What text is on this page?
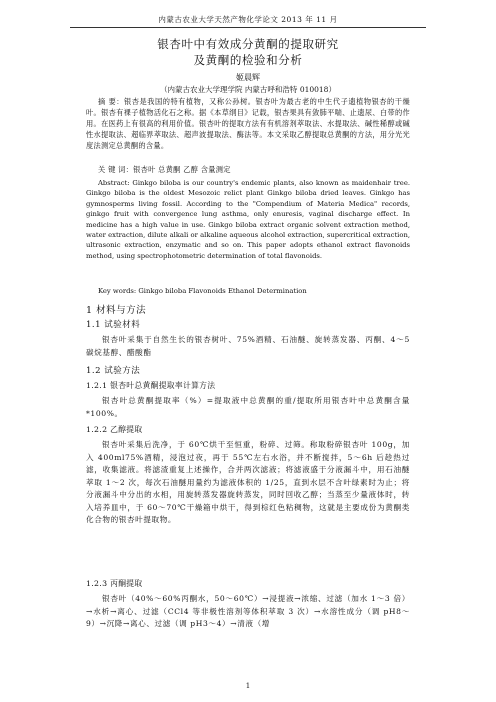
内蒙古农业大学天然产物化学论文 2013 年 11 月
银杏叶中有效成分黄酮的提取研究
及黄酮的检验和分析
姬晨辉
（内蒙古农业大学理学院 内蒙古呼和浩特 010018）
摘 要：银杏是我国的特有植物，又称公孙树。银杏叶为最古老的中生代子遗植物银杏的干燥叶。银杏有裸子植物活化石之称。据《本草纲目》记载，银杏果具有敛肺平喘、止遗尿、白带的作用。在医药上有很高的利用价值。银杏叶的提取方法有有机溶剂萃取法、水提取法、碱性稀醇或碱性水提取法、超临界萃取法、超声波提取法、酶法等。本文采取乙醇提取总黄酮的方法，用分光光度法测定总黄酮的含量。
关 键 词：银杏叶 总黄酮 乙醇 含量测定
Abstract: Ginkgo biloba is our country's endemic plants, also known as maidenhair tree. Ginkgo biloba is the oldest Mesozoic relict plant Ginkgo biloba dried leaves. Ginkgo has gymnosperms living fossil. According to the "Compendium of Materia Medica" records, ginkgo fruit with convergence lung asthma, only enuresis, vaginal discharge effect. In medicine has a high value in use. Ginkgo biloba extract organic solvent extraction method, water extraction, dilute alkali or alkaline aqueous alcohol extraction, supercritical extraction, ultrasonic extraction, enzymatic and so on. This paper adopts ethanol extract flavonoids method, using spectrophotometric determination of total flavonoids.
Key words: Ginkgo biloba Flavonoids Ethanol Determination
1 材料与方法
1.1 试验材料
银杏叶采集于自然生长的银杏树叶、75%酒精、石油醚、旋转蒸发器、丙酮、4～5 碳烷基醇、醋酸酯
1.2 试验方法
1.2.1 银杏叶总黄酮提取率计算方法
银杏叶总黄酮提取率（%）=提取液中总黄酮的重/提取所用银杏叶中总黄酮含量*100%。
1.2.2 乙醇提取
银杏叶采集后洗净，于 60℃烘干至恒重，粉碎、过筛。称取粉碎银杏叶 100g，加入 400ml75%酒精，浸泡过夜，再于 55℃左右水浴，并不断搅拌，5～6h 后趁热过滤，收集滤液。将滤渣重复上述操作，合并两次滤液；将滤液盛于分液漏斗中，用石油醚萃取 1～2 次，每次石油醚用量约为滤液体积的 1/25，直到水层不含叶绿素时为止；将分液漏斗中分出的水相，用旋转蒸发器旋转蒸发，同时回收乙醇；当蒸至少量液体时，转入培养皿中，于 60～70℃干燥箱中烘干，得到棕红色粘稠物，这就是主要成份为黄酮类化合物的银杏叶提取物。
1.2.3 丙酮提取
银杏叶（40%～60%丙酮水，50～60℃）→浸提液→浓缩、过滤（加水 1～3 倍）→水析→离心、过滤（CCl4 等非极性溶剂等体积萃取 3 次）→水溶性成分（调 pH8～9）→沉降→离心、过滤（调 pH3～4）→清液（增
1
